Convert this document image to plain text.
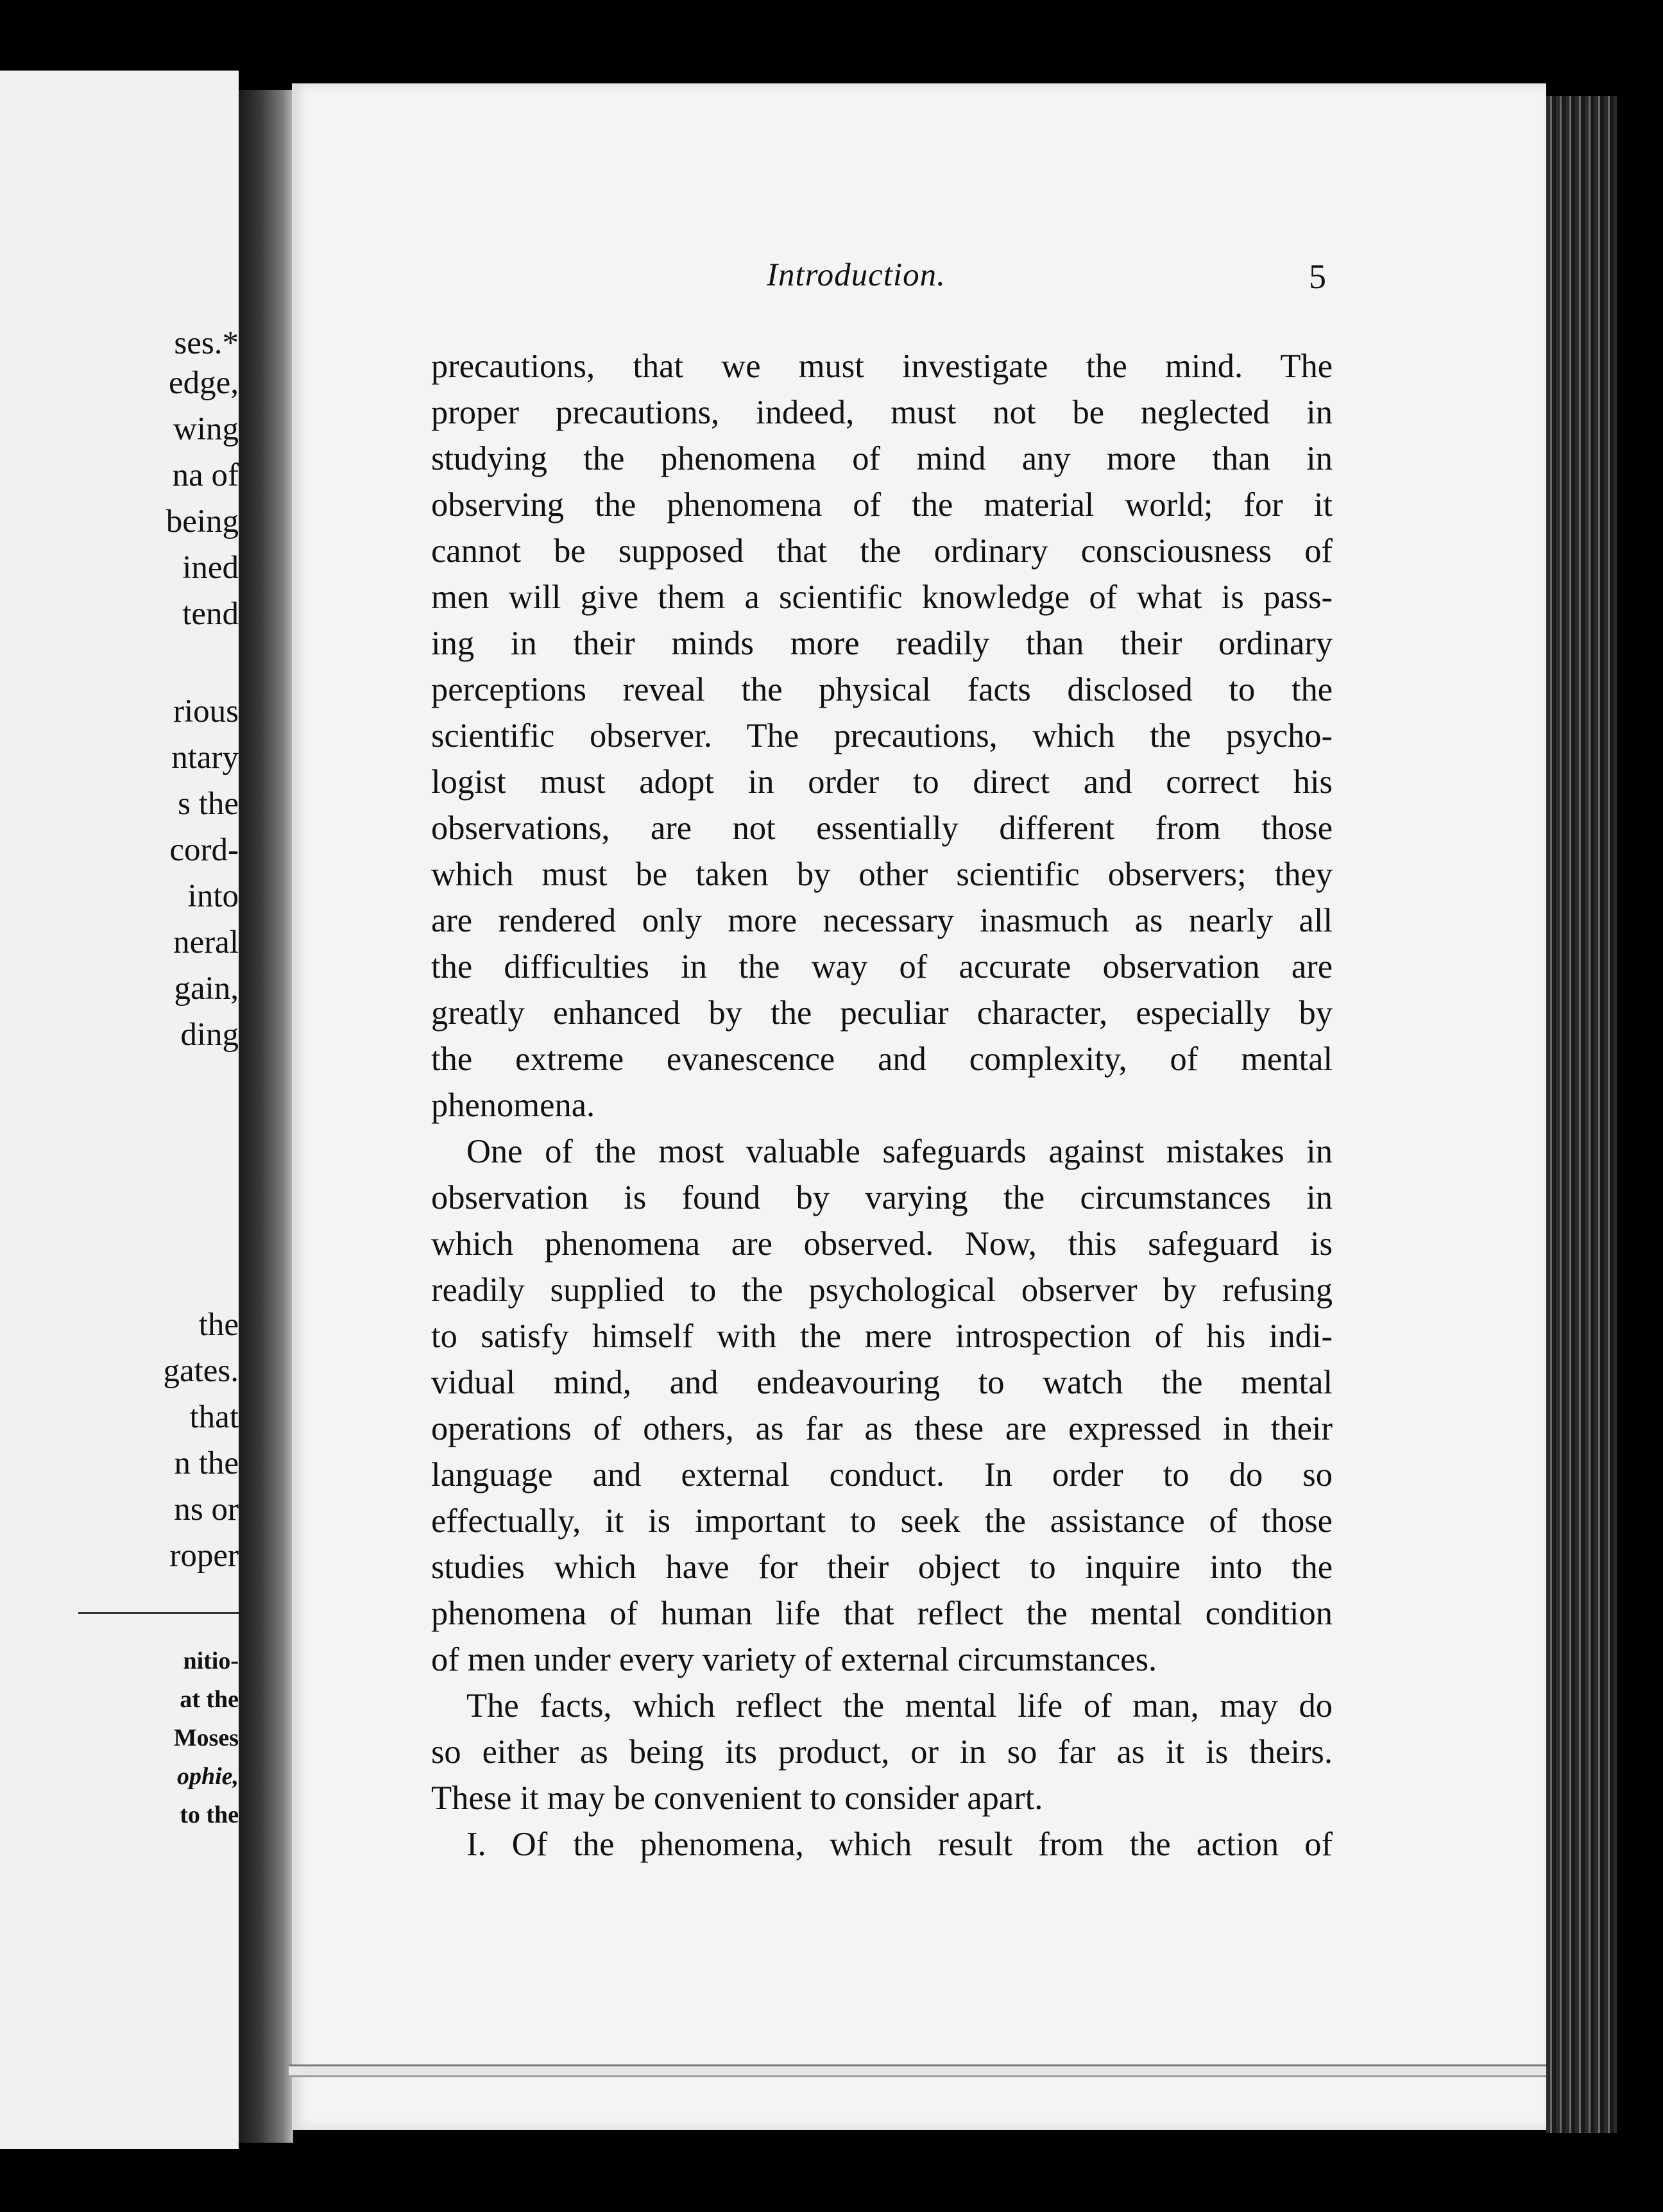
ses.*
edge,
wing
na of
being
ined
tend
rious
ntary
s the
cord-
into
neral
gain,
ding
the
gates.
that
n the
ns or
roper
nitio-
at the
Moses
ophie,
to the
Introduction.	5
precautions, that we must investigate the mind. The
proper precautions, indeed, must not be neglected in
studying the phenomena of mind any more than in
observing the phenomena of the material world; for it
cannot be supposed that the ordinary consciousness of
men will give them a scientific knowledge of what is pass-
ing in their minds more readily than their ordinary
perceptions reveal the physical facts disclosed to the
scientific observer. The precautions, which the psycho-
logist must adopt in order to direct and correct his
observations, are not essentially different from those
which must be taken by other scientific observers; they
are rendered only more necessary inasmuch as nearly all
the difficulties in the way of accurate observation are
greatly enhanced by the peculiar character, especially by
the extreme evanescence and complexity, of mental
phenomena.
One of the most valuable safeguards against mistakes in
observation is found by varying the circumstances in
which phenomena are observed. Now, this safeguard is
readily supplied to the psychological observer by refusing
to satisfy himself with the mere introspection of his indi-
vidual mind, and endeavouring to watch the mental
operations of others, as far as these are expressed in their
language and external conduct. In order to do so
effectually, it is important to seek the assistance of those
studies which have for their object to inquire into the
phenomena of human life that reflect the mental condition
of men under every variety of external circumstances.
The facts, which reflect the mental life of man, may do
so either as being its product, or in so far as it is theirs.
These it may be convenient to consider apart.
I. Of the phenomena, which result from the action of
